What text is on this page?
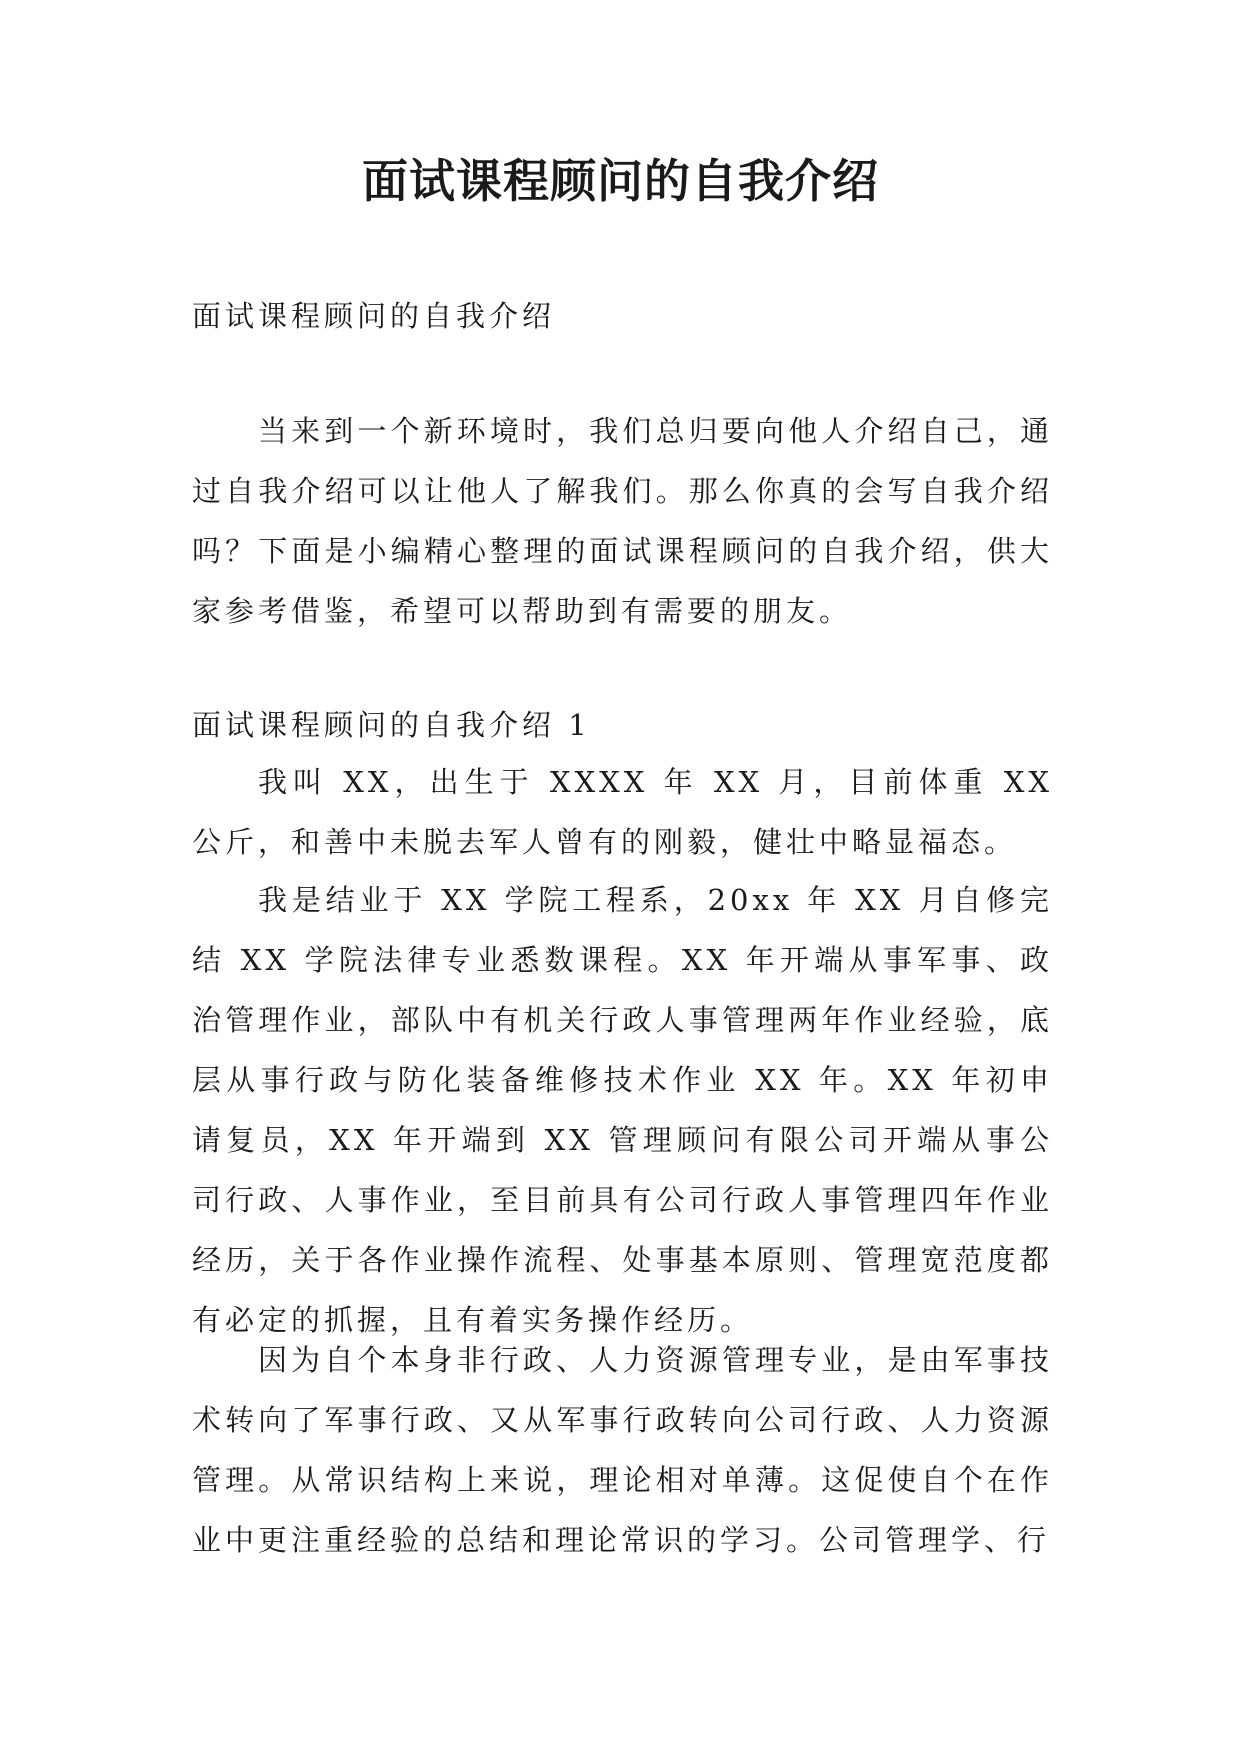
面试课程顾问的自我介绍

面试课程顾问的自我介绍

当来到一个新环境时，我们总归要向他人介绍自己，通过自我介绍可以让他人了解我们。那么你真的会写自我介绍吗？下面是小编精心整理的面试课程顾问的自我介绍，供大家参考借鉴，希望可以帮助到有需要的朋友。

面试课程顾问的自我介绍 1

我叫 XX，出生于 XXXX 年 XX 月，目前体重 XX 公斤，和善中未脱去军人曾有的刚毅，健壮中略显福态。

我是结业于 XX 学院工程系，20xx 年 XX 月自修完结 XX 学院法律专业悉数课程。XX 年开端从事军事、政治管理作业，部队中有机关行政人事管理两年作业经验，底层从事行政与防化装备维修技术作业 XX 年。XX 年初申请复员，XX 年开端到 XX 管理顾问有限公司开端从事公司行政、人事作业，至目前具有公司行政人事管理四年作业经历，关于各作业操作流程、处事基本原则、管理宽范度都有必定的抓握，且有着实务操作经历。

因为自个本身非行政、人力资源管理专业，是由军事技术转向了军事行政、又从军事行政转向公司行政、人力资源管理。从常识结构上来说，理论相对单薄。这促使自个在作业中更注重经验的总结和理论常识的学习。公司管理学、行
